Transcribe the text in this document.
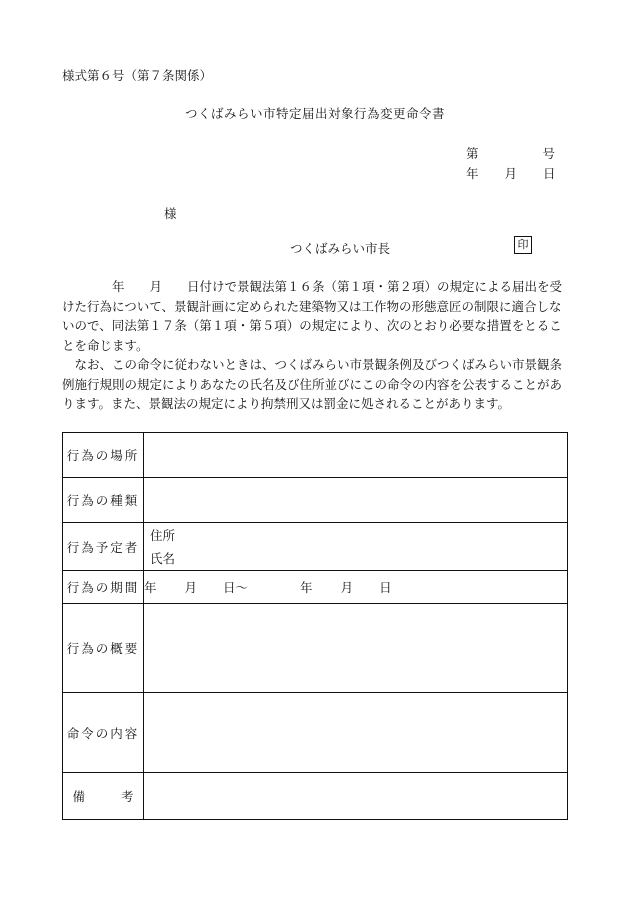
様式第６号（第７条関係）
つくばみらい市特定届出対象行為変更命令書
第	号
年 月 日
様
つくばみらい市長	印

　　　　年　　月　　日付けで景観法第１６条（第１項・第２項）の規定による届出を受けた行為について、景観計画に定められた建築物又は工作物の形態意匠の制限に適合しないので、同法第１７条（第１項・第５項）の規定により、次のとおり必要な措置をとることを命じます。

　なお、この命令に従わないときは、つくばみらい市景観条例及びつくばみらい市景観条例施行規則の規定によりあなたの氏名及び住所並びにこの命令の内容を公表することがあります。また、景観法の規定により拘禁刑又は罰金に処されることがあります。

行為の場所	
行為の種類	
行為予定者	住所
氏名

行為の期間	年 月 日～ 年 月 日
行為の概要	
命令の内容	
備 考	
